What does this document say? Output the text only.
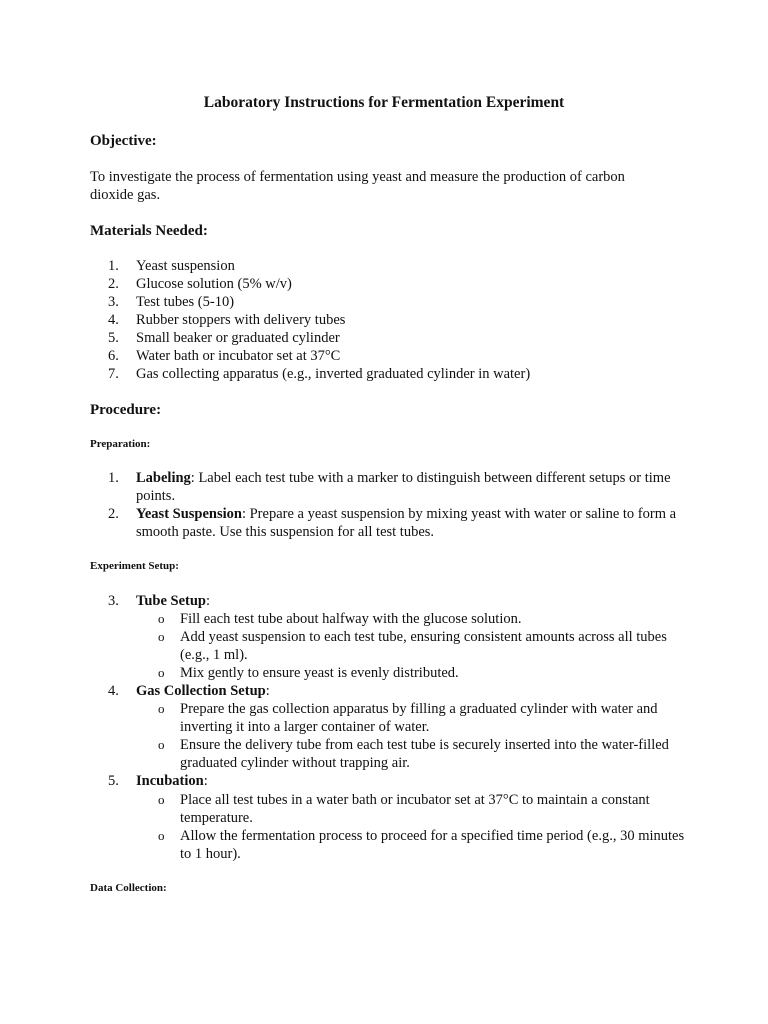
Laboratory Instructions for Fermentation Experiment
Objective:
To investigate the process of fermentation using yeast and measure the production of carbon dioxide gas.
Materials Needed:
1.	Yeast suspension
2.	Glucose solution (5% w/v)
3.	Test tubes (5-10)
4.	Rubber stoppers with delivery tubes
5.	Small beaker or graduated cylinder
6.	Water bath or incubator set at 37°C
7.	Gas collecting apparatus (e.g., inverted graduated cylinder in water)
Procedure:
Preparation:
1.	Labeling: Label each test tube with a marker to distinguish between different setups or time points.
2.	Yeast Suspension: Prepare a yeast suspension by mixing yeast with water or saline to form a smooth paste. Use this suspension for all test tubes.
Experiment Setup:
3.	Tube Setup:
o	Fill each test tube about halfway with the glucose solution.
o	Add yeast suspension to each test tube, ensuring consistent amounts across all tubes (e.g., 1 ml).
o	Mix gently to ensure yeast is evenly distributed.
4.	Gas Collection Setup:
o	Prepare the gas collection apparatus by filling a graduated cylinder with water and inverting it into a larger container of water.
o	Ensure the delivery tube from each test tube is securely inserted into the water-filled graduated cylinder without trapping air.
5.	Incubation:
o	Place all test tubes in a water bath or incubator set at 37°C to maintain a constant temperature.
o	Allow the fermentation process to proceed for a specified time period (e.g., 30 minutes to 1 hour).
Data Collection:
